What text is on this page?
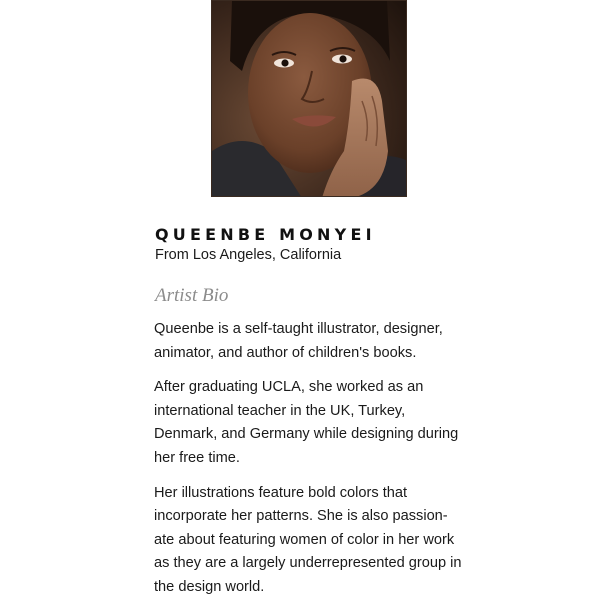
QUEENBE MONYEI
From Los Angeles, California
Artist Bio

Queenbe is a self-taught illustrator, designer, animator, and author of children's books.

After graduating UCLA, she worked as an international teacher in the UK, Turkey, Denmark, and Germany while designing during her free time.

Her illustrations feature bold colors that incorporate her patterns. She is also passion-ate about featuring women of color in her work as they are a largely underrepresented group in the design world.
